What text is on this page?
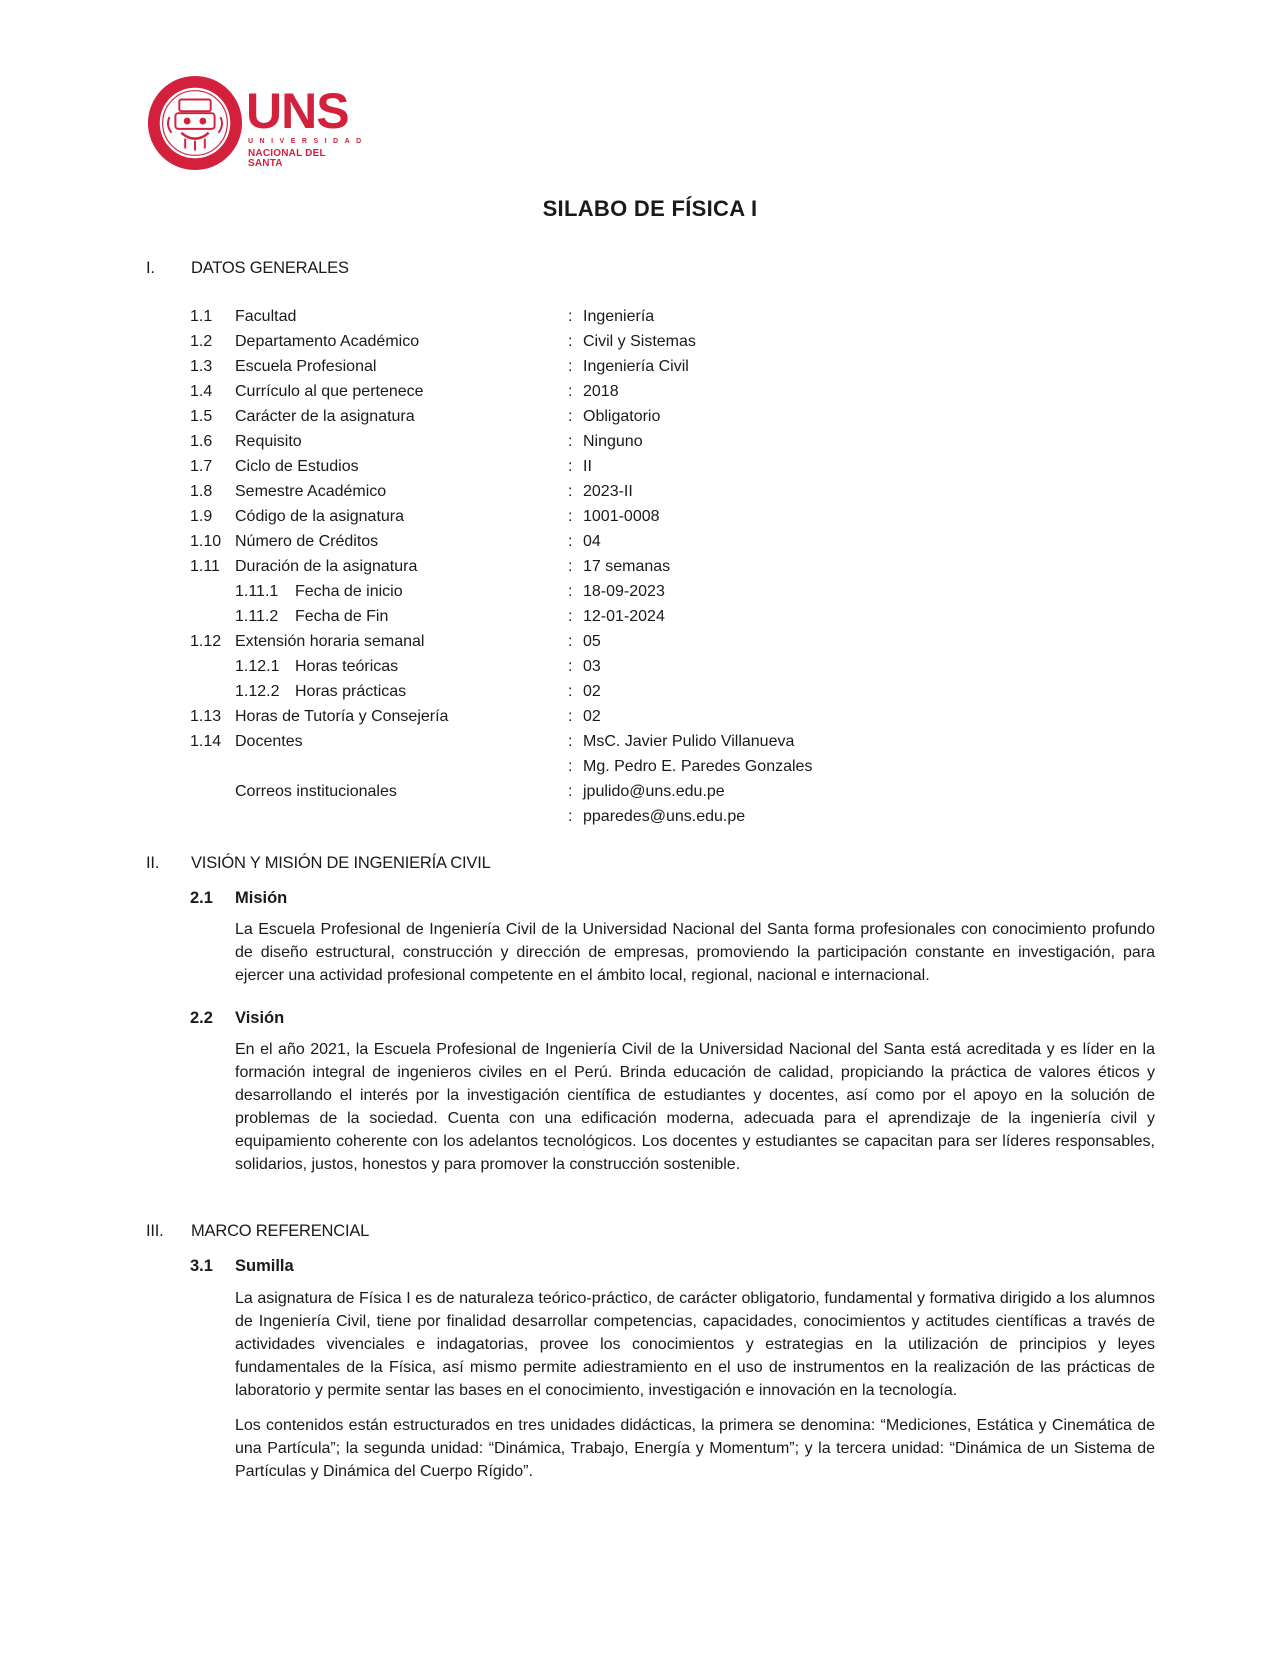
UNS
UNIVERSIDAD
NACIONAL DEL SANTA
SILABO DE FÍSICA I
I. DATOS GENERALES
1.1 Facultad	: Ingeniería
1.2 Departamento Académico	: Civil y Sistemas
1.3 Escuela Profesional	: Ingeniería Civil
1.4 Currículo al que pertenece	: 2018
1.5 Carácter de la asignatura	: Obligatorio
1.6 Requisito	: Ninguno
1.7 Ciclo de Estudios	: II
1.8 Semestre Académico	: 2023-II
1.9 Código de la asignatura	: 1001-0008
1.10 Número de Créditos	: 04
1.11 Duración de la asignatura	: 17 semanas
1.11.1 Fecha de inicio	: 18-09-2023
1.11.2 Fecha de Fin	: 12-01-2024
1.12 Extensión horaria semanal	: 05
1.12.1 Horas teóricas	: 03
1.12.2 Horas prácticas	: 02
1.13 Horas de Tutoría y Consejería	: 02
1.14 Docentes	: MsC. Javier Pulido Villanueva
: Mg. Pedro E. Paredes Gonzales
Correos institucionales	: jpulido@uns.edu.pe
: pparedes@uns.edu.pe
II. VISIÓN Y MISIÓN DE INGENIERÍA CIVIL
2.1 Misión

La Escuela Profesional de Ingeniería Civil de la Universidad Nacional del Santa forma profesionales con conocimiento profundo de diseño estructural, construcción y dirección de empresas, promoviendo la participación constante en investigación, para ejercer una actividad profesional competente en el ámbito local, regional, nacional e internacional.

2.2 Visión

En el año 2021, la Escuela Profesional de Ingeniería Civil de la Universidad Nacional del Santa está acreditada y es líder en la formación integral de ingenieros civiles en el Perú. Brinda educación de calidad, propiciando la práctica de valores éticos y desarrollando el interés por la investigación científica de estudiantes y docentes, así como por el apoyo en la solución de problemas de la sociedad. Cuenta con una edificación moderna, adecuada para el aprendizaje de la ingeniería civil y equipamiento coherente con los adelantos tecnológicos. Los docentes y estudiantes se capacitan para ser líderes responsables, solidarios, justos, honestos y para promover la construcción sostenible.

III. MARCO REFERENCIAL
3.1 Sumilla

La asignatura de Física I es de naturaleza teórico-práctico, de carácter obligatorio, fundamental y formativa dirigido a los alumnos de Ingeniería Civil, tiene por finalidad desarrollar competencias, capacidades, conocimientos y actitudes científicas a través de actividades vivenciales e indagatorias, provee los conocimientos y estrategias en la utilización de principios y leyes fundamentales de la Física, así mismo permite adiestramiento en el uso de instrumentos en la realización de las prácticas de laboratorio y permite sentar las bases en el conocimiento, investigación e innovación en la tecnología.

Los contenidos están estructurados en tres unidades didácticas, la primera se denomina: “Mediciones, Estática y Cinemática de una Partícula”; la segunda unidad: “Dinámica, Trabajo, Energía y Momentum”; y la tercera unidad: “Dinámica de un Sistema de Partículas y Dinámica del Cuerpo Rígido”.
